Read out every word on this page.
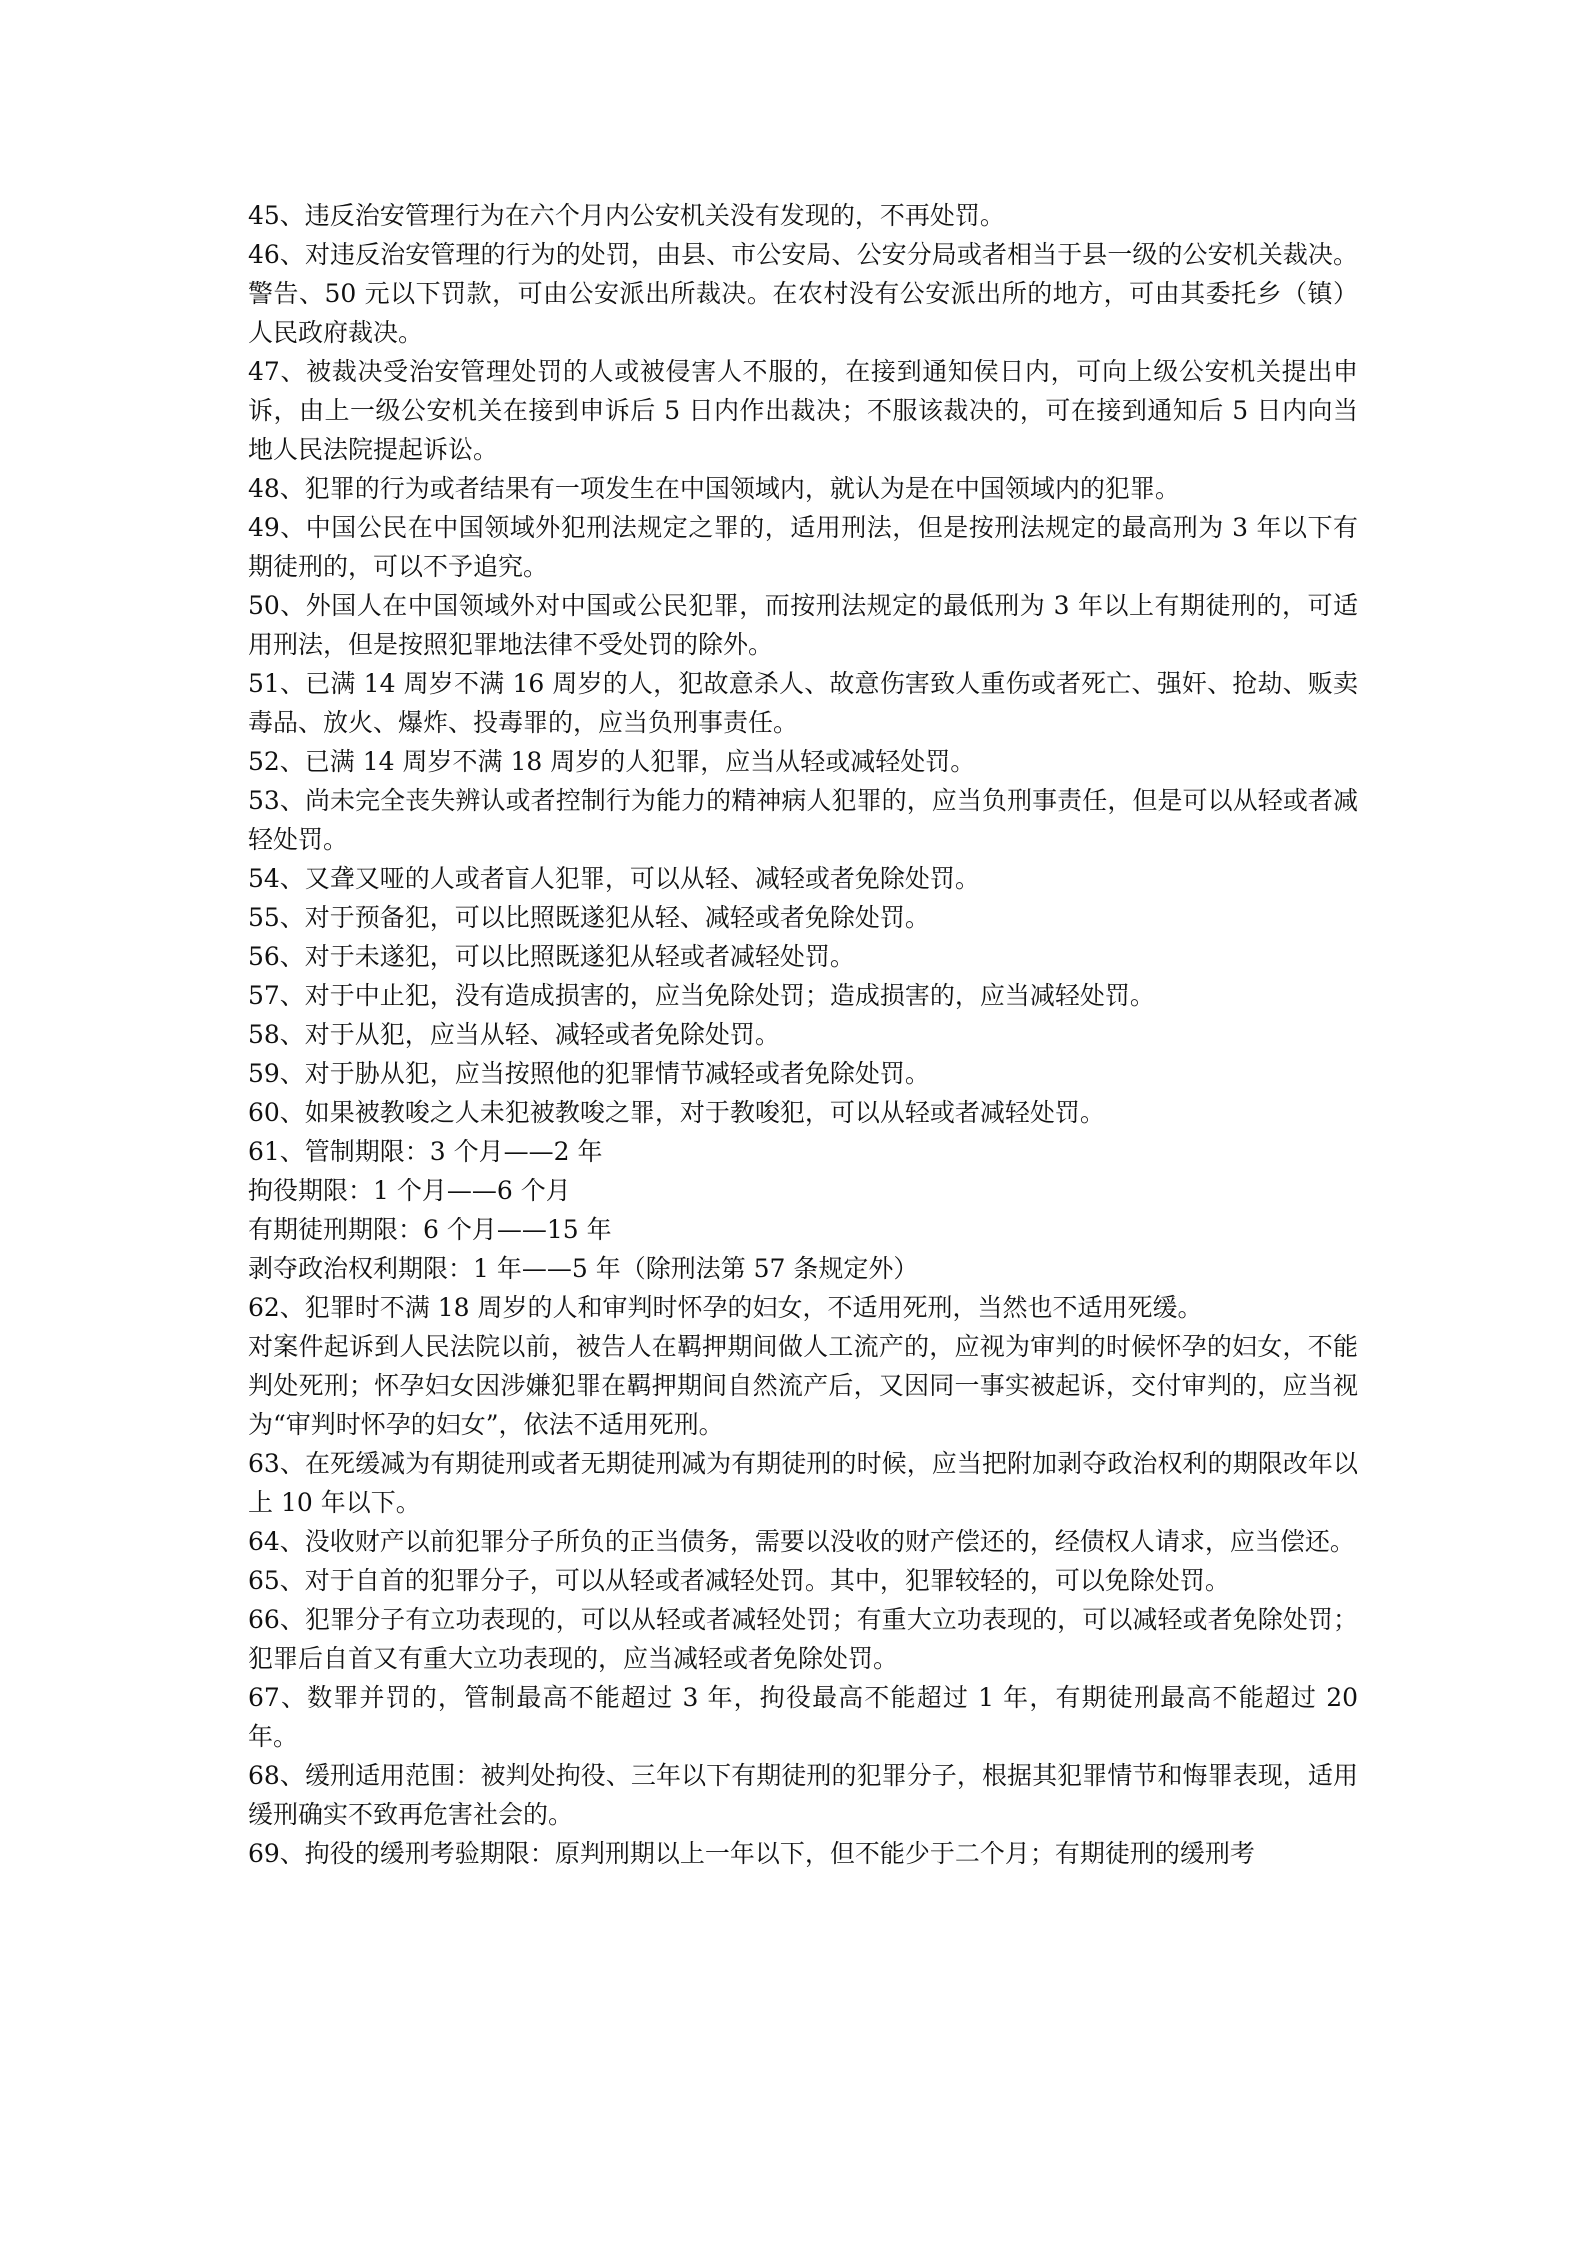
45、违反治安管理行为在六个月内公安机关没有发现的，不再处罚。

46、对违反治安管理的行为的处罚，由县、市公安局、公安分局或者相当于县一级的公安机关裁决。警告、50 元以下罚款，可由公安派出所裁决。在农村没有公安派出所的地方，可由其委托乡（镇）人民政府裁决。

47、被裁决受治安管理处罚的人或被侵害人不服的，在接到通知侯日内，可向上级公安机关提出申诉，由上一级公安机关在接到申诉后 5 日内作出裁决；不服该裁决的，可在接到通知后 5 日内向当地人民法院提起诉讼。

48、犯罪的行为或者结果有一项发生在中国领域内，就认为是在中国领域内的犯罪。

49、中国公民在中国领域外犯刑法规定之罪的，适用刑法，但是按刑法规定的最高刑为 3 年以下有期徒刑的，可以不予追究。

50、外国人在中国领域外对中国或公民犯罪，而按刑法规定的最低刑为 3 年以上有期徒刑的，可适用刑法，但是按照犯罪地法律不受处罚的除外。

51、已满 14 周岁不满 16 周岁的人，犯故意杀人、故意伤害致人重伤或者死亡、强奸、抢劫、贩卖毒品、放火、爆炸、投毒罪的，应当负刑事责任。

52、已满 14 周岁不满 18 周岁的人犯罪，应当从轻或减轻处罚。

53、尚未完全丧失辨认或者控制行为能力的精神病人犯罪的，应当负刑事责任，但是可以从轻或者减轻处罚。

54、又聋又哑的人或者盲人犯罪，可以从轻、减轻或者免除处罚。

55、对于预备犯，可以比照既遂犯从轻、减轻或者免除处罚。

56、对于未遂犯，可以比照既遂犯从轻或者减轻处罚。

57、对于中止犯，没有造成损害的，应当免除处罚；造成损害的，应当减轻处罚。

58、对于从犯，应当从轻、减轻或者免除处罚。

59、对于胁从犯，应当按照他的犯罪情节减轻或者免除处罚。

60、如果被教唆之人未犯被教唆之罪，对于教唆犯，可以从轻或者减轻处罚。

61、管制期限：3 个月——2 年

拘役期限：1 个月——6 个月

有期徒刑期限：6 个月——15 年

剥夺政治权利期限：1 年——5 年（除刑法第 57 条规定外）

62、犯罪时不满 18 周岁的人和审判时怀孕的妇女，不适用死刑，当然也不适用死缓。

对案件起诉到人民法院以前，被告人在羁押期间做人工流产的，应视为审判的时候怀孕的妇女，不能判处死刑；怀孕妇女因涉嫌犯罪在羁押期间自然流产后，又因同一事实被起诉，交付审判的，应当视为“审判时怀孕的妇女”，依法不适用死刑。

63、在死缓减为有期徒刑或者无期徒刑减为有期徒刑的时候，应当把附加剥夺政治权利的期限改年以上 10 年以下。

64、没收财产以前犯罪分子所负的正当债务，需要以没收的财产偿还的，经债权人请求，应当偿还。

65、对于自首的犯罪分子，可以从轻或者减轻处罚。其中，犯罪较轻的，可以免除处罚。

66、犯罪分子有立功表现的，可以从轻或者减轻处罚；有重大立功表现的，可以减轻或者免除处罚；犯罪后自首又有重大立功表现的，应当减轻或者免除处罚。

67、数罪并罚的，管制最高不能超过 3 年，拘役最高不能超过 1 年，有期徒刑最高不能超过 20 年。

68、缓刑适用范围：被判处拘役、三年以下有期徒刑的犯罪分子，根据其犯罪情节和悔罪表现，适用缓刑确实不致再危害社会的。

69、拘役的缓刑考验期限：原判刑期以上一年以下，但不能少于二个月；有期徒刑的缓刑考
